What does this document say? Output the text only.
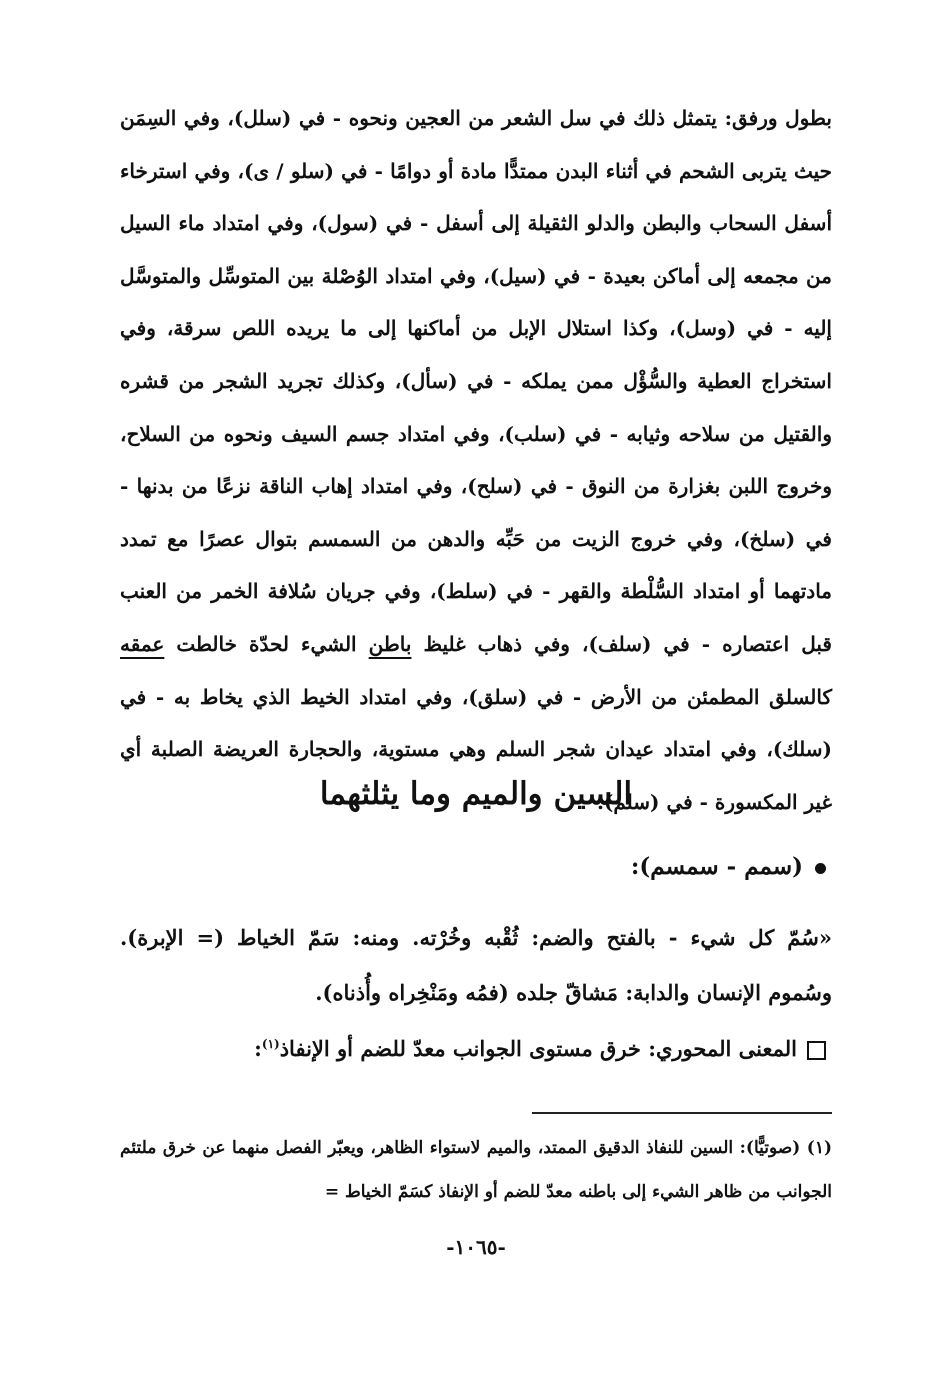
بطول ورفق: يتمثل ذلك في سل الشعر من العجين ونحوه - في (سلل)، وفي السِمَن حيث يتربى الشحم في أثناء البدن ممتدًّا مادة أو دوامًا - في (سلو / ى)، وفي استرخاء أسفل السحاب والبطن والدلو الثقيلة إلى أسفل - في (سول)، وفي امتداد ماء السيل من مجمعه إلى أماكن بعيدة - في (سيل)، وفي امتداد الوُصْلة بين المتوسِّل والمتوسَّل إليه - في (وسل)، وكذا استلال الإبل من أماكنها إلى ما يريده اللص سرقة، وفي استخراج العطية والسُّؤْل ممن يملكه - في (سأل)، وكذلك تجريد الشجر من قشره والقتيل من سلاحه وثيابه - في (سلب)، وفي امتداد جسم السيف ونحوه من السلاح، وخروج اللبن بغزارة من النوق - في (سلح)، وفي امتداد إهاب الناقة نزعًا من بدنها - في (سلخ)، وفي خروج الزيت من حَبِّه والدهن من السمسم بتوال عصرًا مع تمدد مادتهما أو امتداد السُّلْطة والقهر - في (سلط)، وفي جريان سُلافة الخمر من العنب قبل اعتصاره - في (سلف)، وفي ذهاب غليظ باطن الشيء لحدّة خالطت عمقه كالسلق المطمئن من الأرض - في (سلق)، وفي امتداد الخيط الذي يخاط به - في (سلك)، وفي امتداد عيدان شجر السلم وهي مستوية، والحجارة العريضة الصلبة أي غير المكسورة - في (سلم).

السين والميم وما يثلثهما

(سمم - سمسم):

«سُمّ كل شيء - بالفتح والضم: ثُقْبه وخُرْته. ومنه: سَمّ الخياط (= الإبرة). وسُموم الإنسان والدابة: مَشاقّ جلده (فمُه ومَنْخِراه وأُذناه).

المعنى المحوري: خرق مستوى الجوانب معدّ للضم أو الإنفاذ$^{(١)}$:

(١) (صوتيًّا): السين للنفاذ الدقيق الممتد، والميم لاستواء الظاهر، ويعبّر الفصل منهما عن خرق ملتئم الجوانب من ظاهر الشيء إلى باطنه معدّ للضم أو الإنفاذ كسَمّ الخياط =

-١٠٦٥-
